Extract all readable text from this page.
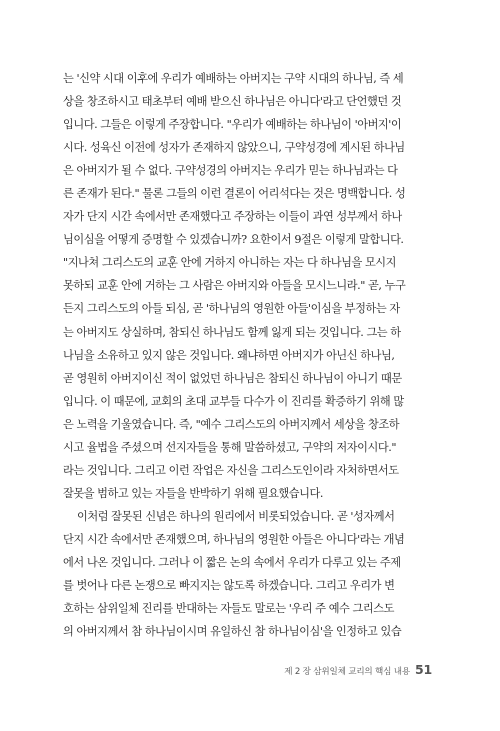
는 '신약 시대 이후에 우리가 예배하는 아버지는 구약 시대의 하나님, 즉 세
상을 창조하시고 태초부터 예배 받으신 하나님은 아니다'라고 단언했던 것
입니다. 그들은 이렇게 주장합니다. "우리가 예배하는 하나님이 '아버지'이
시다. 성육신 이전에 성자가 존재하지 않았으니, 구약성경에 계시된 하나님
은 아버지가 될 수 없다. 구약성경의 아버지는 우리가 믿는 하나님과는 다
른 존재가 된다." 물론 그들의 이런 결론이 어리석다는 것은 명백합니다. 성
자가 단지 시간 속에서만 존재했다고 주장하는 이들이 과연 성부께서 하나
님이심을 어떻게 증명할 수 있겠습니까? 요한이서 9절은 이렇게 말합니다.
"지나쳐 그리스도의 교훈 안에 거하지 아니하는 자는 다 하나님을 모시지
못하되 교훈 안에 거하는 그 사람은 아버지와 아들을 모시느니라." 곧, 누구
든지 그리스도의 아들 되심, 곧 '하나님의 영원한 아들'이심을 부정하는 자
는 아버지도 상실하며, 참되신 하나님도 함께 잃게 되는 것입니다. 그는 하
나님을 소유하고 있지 않은 것입니다. 왜냐하면 아버지가 아닌신 하나님,
곧 영원히 아버지이신 적이 없었던 하나님은 참되신 하나님이 아니기 때문
입니다. 이 때문에, 교회의 초대 교부들 다수가 이 진리를 확증하기 위해 많
은 노력을 기울였습니다. 즉, "예수 그리스도의 아버지께서 세상을 창조하
시고 율법을 주셨으며 선지자들을 통해 말씀하셨고, 구약의 저자이시다."
라는 것입니다. 그리고 이런 작업은 자신을 그리스도인이라 자처하면서도
잘못을 범하고 있는 자들을 반박하기 위해 필요했습니다.
이처럼 잘못된 신념은 하나의 원리에서 비롯되었습니다. 곧 '성자께서
단지 시간 속에서만 존재했으며, 하나님의 영원한 아들은 아니다'라는 개념
에서 나온 것입니다. 그러나 이 짧은 논의 속에서 우리가 다루고 있는 주제
를 벗어나 다른 논쟁으로 빠지지는 않도록 하겠습니다. 그리고 우리가 변
호하는 삼위일체 진리를 반대하는 자들도 말로는 '우리 주 예수 그리스도
의 아버지께서 참 하나님이시며 유일하신 참 하나님이심'을 인정하고 있습
제 2 장 삼위일체 교리의 핵심 내용 51
